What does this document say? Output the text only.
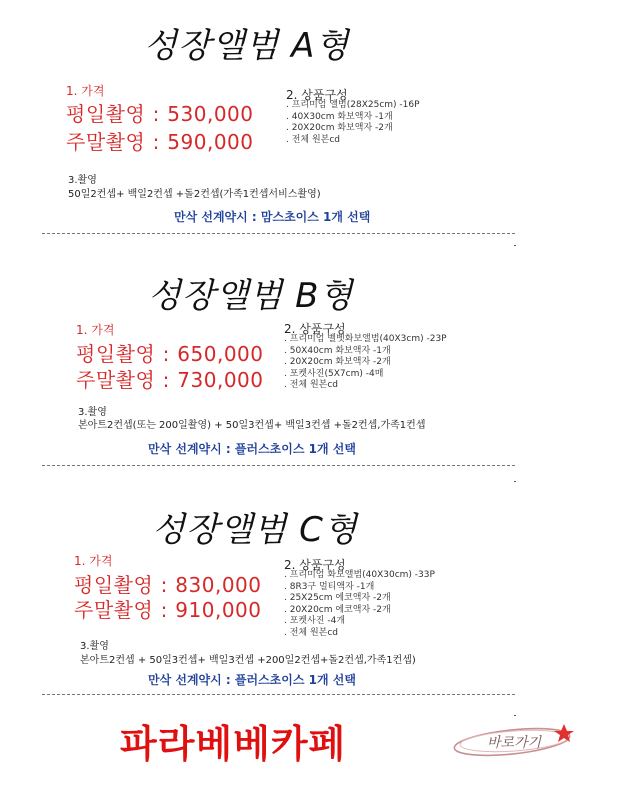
성장앨범 A형
1. 가격
평일촬영 : 530,000
주말촬영 : 590,000
2. 상품구성
. 프리미엄 앨범(28X25cm) -16P
. 40X30cm 화보액자 -1개
. 20X20cm 화보액자 -2개
. 전체 원본cd
3.촬영
50일2컨셉+ 백일2컨셉 +돌2컨셉(가족1컨셉서비스촬영)
만삭 선계약시 : 맘스초이스 1개 선택
성장앨범 B형
1. 가격
평일촬영 : 650,000
주말촬영 : 730,000
2. 상품구성
. 프리미엄 벨벳화보앨범(40X3cm) -23P
. 50X40cm 화보액자 -1개
. 20X20cm 화보액자 -2개
. 포켓사진(5X7cm) -4매
. 전체 원본cd
3.촬영
본아트2컨셉(또는 200일촬영) + 50일3컨셉+ 백일3컨셉 +돌2컨셉,가족1컨셉
만삭 선계약시 : 플러스초이스 1개 선택
성장앨범 C형
1. 가격
평일촬영 : 830,000
주말촬영 : 910,000
2. 상품구성
. 프리미엄 화보앨범(40X30cm) -33P
. 8R3구 멀티액자 -1개
. 25X25cm 에코액자 -2개
. 20X20cm 에코액자 -2개
. 포켓사진 -4개
. 전체 원본cd
3.촬영
본아트2컨셉 + 50일3컨셉+ 백일3컨셉 +200일2컨셉+돌2컨셉,가족1컨셉)
만삭 선계약시 : 플러스초이스 1개 선택
파라베베카페	바로가기
